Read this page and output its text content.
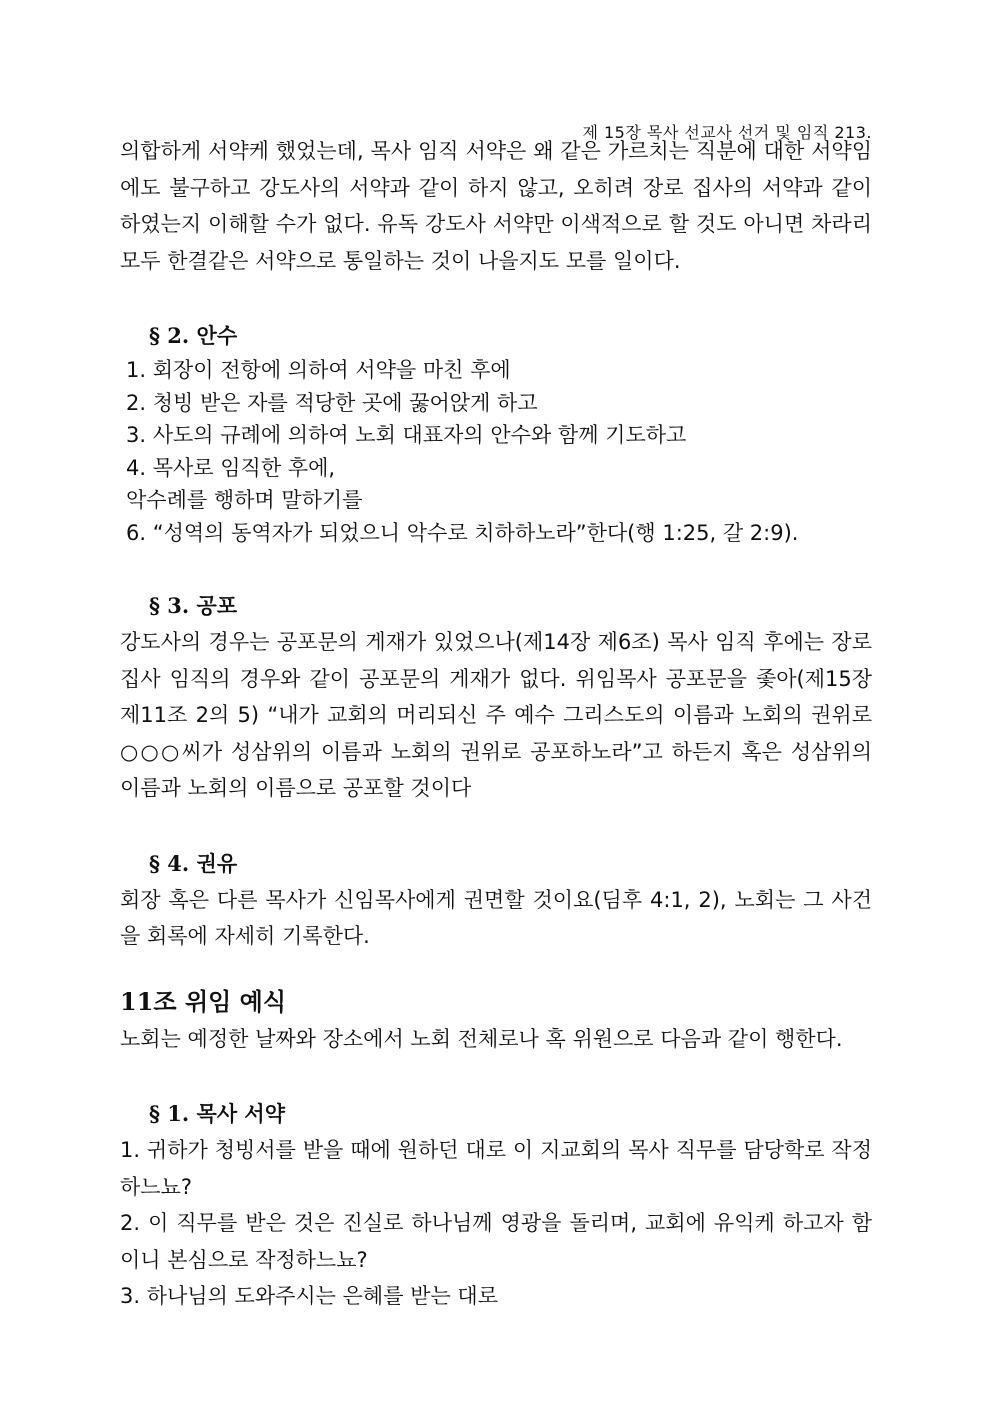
제 15장 목사 선교사 선거 및 임직 213.

의합하게 서약케 했었는데, 목사 임직 서약은 왜 같은 가르치는 직분에 대한 서약임에도 불구하고 강도사의 서약과 같이 하지 않고, 오히려 장로 집사의 서약과 같이 하였는지 이해할 수가 없다. 유독 강도사 서약만 이색적으로 할 것도 아니면 차라리 모두 한결같은 서약으로 통일하는 것이 나을지도 모를 일이다.

§ 2. 안수

1. 회장이 전항에 의하여 서약을 마친 후에

2. 청빙 받은 자를 적당한 곳에 꿇어앉게 하고

3. 사도의 규례에 의하여 노회 대표자의 안수와 함께 기도하고

4. 목사로 임직한 후에,

악수례를 행하며 말하기를

6. “성역의 동역자가 되었으니 악수로 치하하노라”한다(행 1:25, 갈 2:9).

§ 3. 공포

강도사의 경우는 공포문의 게재가 있었으나(제14장 제6조) 목사 임직 후에는 장로 집사 임직의 경우와 같이 공포문의 게재가 없다. 위임목사 공포문을 좇아(제15장 제11조 2의 5) “내가 교회의 머리되신 주 예수 그리스도의 이름과 노회의 권위로 ○○○씨가 성삼위의 이름과 노회의 권위로 공포하노라”고 하든지 혹은 성삼위의 이름과 노회의 이름으로 공포할 것이다

§ 4. 권유

회장 혹은 다른 목사가 신임목사에게 권면할 것이요(딤후 4:1, 2), 노회는 그 사건을 회록에 자세히 기록한다.

11조 위임 예식

노회는 예정한 날짜와 장소에서 노회 전체로나 혹 위원으로 다음과 같이 행한다.

§ 1. 목사 서약

1. 귀하가 청빙서를 받을 때에 원하던 대로 이 지교회의 목사 직무를 담당학로 작정하느뇨?

2. 이 직무를 받은 것은 진실로 하나님께 영광을 돌리며, 교회에 유익케 하고자 함이니 본심으로 작정하느뇨?

3. 하나님의 도와주시는 은혜를 받는 대로
